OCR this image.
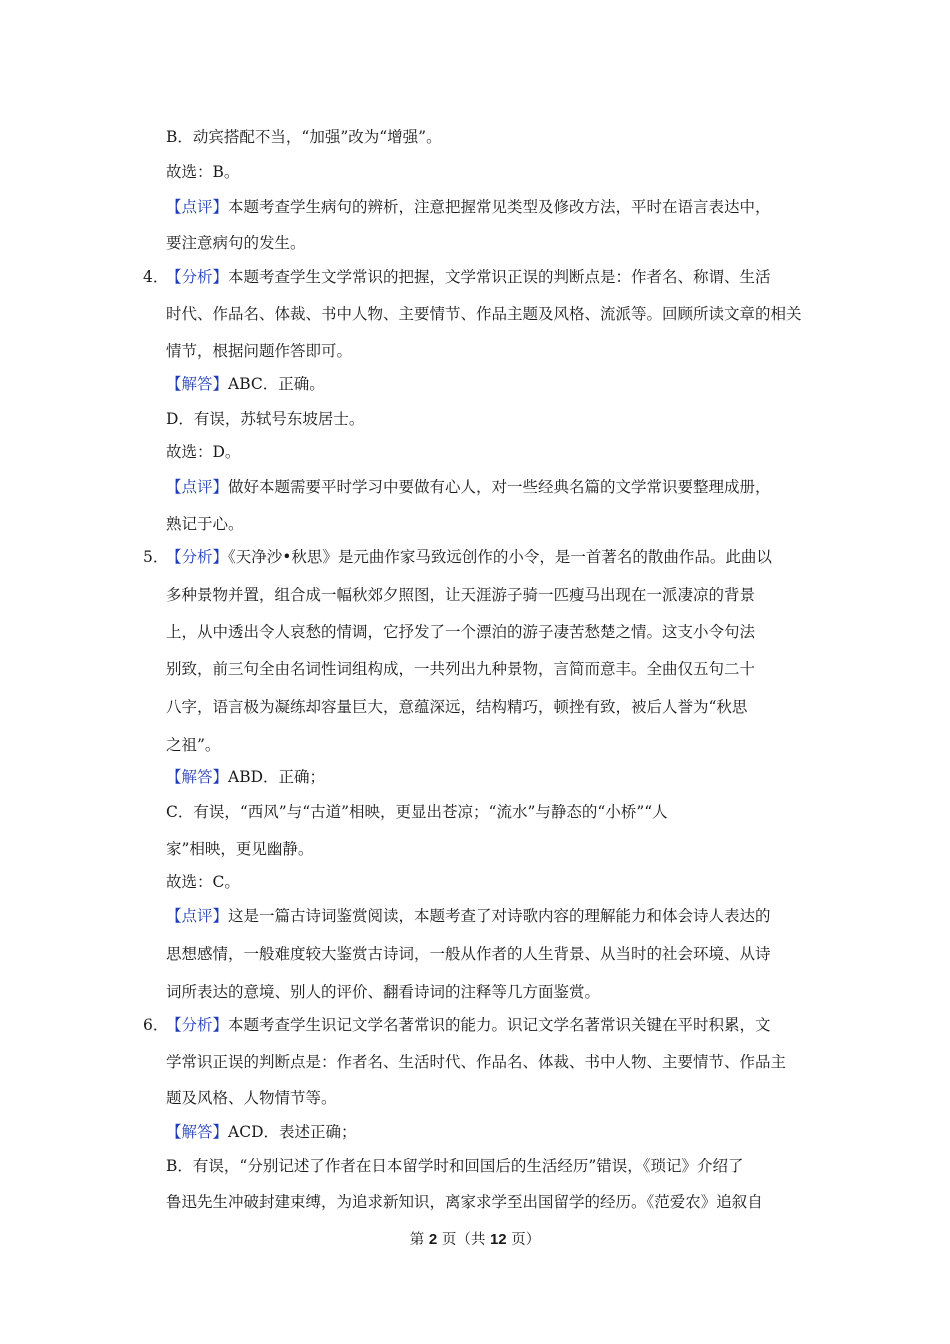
B．动宾搭配不当，“加强”改为“增强”。
故选：B。
【点评】本题考查学生病句的辨析，注意把握常见类型及修改方法，平时在语言表达中，
要注意病句的发生。
4．
【分析】本题考查学生文学常识的把握，文学常识正误的判断点是：作者名、称谓、生活
时代、作品名、体裁、书中人物、主要情节、作品主题及风格、流派等。回顾所读文章的相关
情节，根据问题作答即可。
【解答】ABC．正确。
D．有误，苏轼号东坡居士。
故选：D。
【点评】做好本题需要平时学习中要做有心人，对一些经典名篇的文学常识要整理成册，
熟记于心。
5．
【分析】《天净沙•秋思》是元曲作家马致远创作的小令，是一首著名的散曲作品。此曲以
多种景物并置，组合成一幅秋郊夕照图，让天涯游子骑一匹瘦马出现在一派凄凉的背景
上，从中透出令人哀愁的情调，它抒发了一个漂泊的游子凄苦愁楚之情。这支小令句法
别致，前三句全由名词性词组构成，一共列出九种景物，言简而意丰。全曲仅五句二十
八字，语言极为凝练却容量巨大，意蕴深远，结构精巧，顿挫有致，被后人誉为“秋思
之祖”。
【解答】ABD．正确；
C．有误，“西风”与“古道”相映，更显出苍凉；“流水”与静态的“小桥”“人
家”相映，更见幽静。
故选：C。
【点评】这是一篇古诗词鉴赏阅读，本题考查了对诗歌内容的理解能力和体会诗人表达的
思想感情，一般难度较大鉴赏古诗词，一般从作者的人生背景、从当时的社会环境、从诗
词所表达的意境、别人的评价、翻看诗词的注释等几方面鉴赏。
6．
【分析】本题考查学生识记文学名著常识的能力。识记文学名著常识关键在平时积累，文
学常识正误的判断点是：作者名、生活时代、作品名、体裁、书中人物、主要情节、作品主
题及风格、人物情节等。
【解答】ACD．表述正确；
B．有误，“分别记述了作者在日本留学时和回国后的生活经历”错误，《琐记》介绍了
鲁迅先生冲破封建束缚，为追求新知识，离家求学至出国留学的经历。《范爱农》追叙自
第 2 页（共 12 页）
